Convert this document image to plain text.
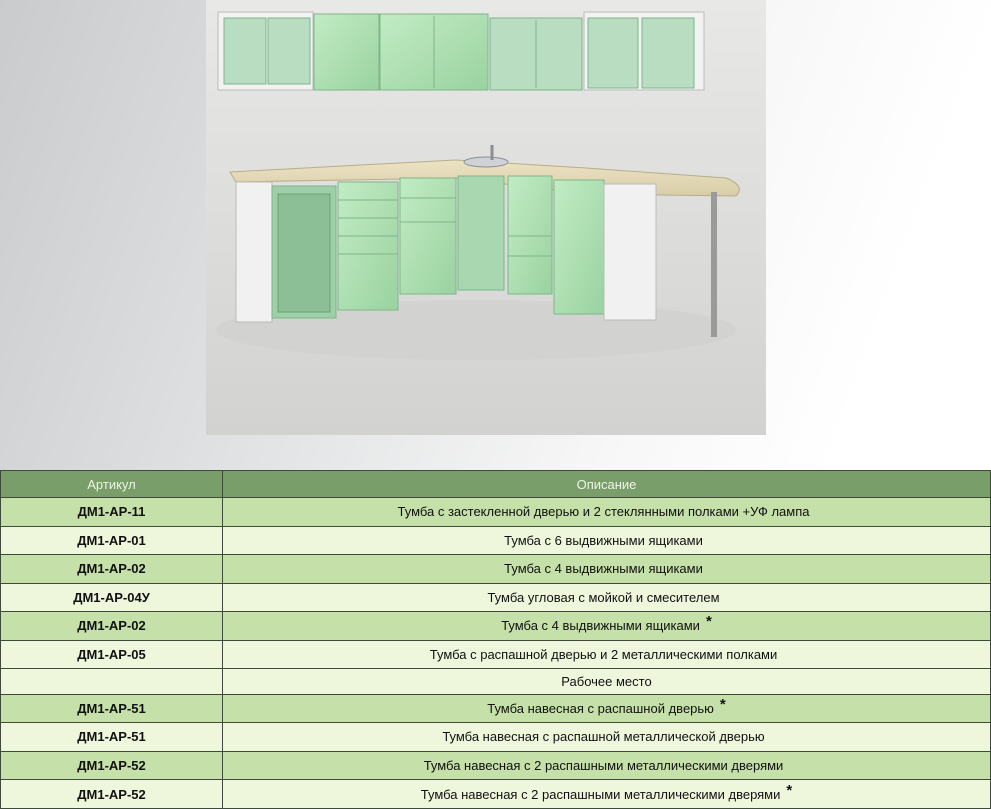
Артикул	Описание
ДМ1-АР-11	Тумба с застекленной дверью и 2 стеклянными полками +УФ лампа
ДМ1-АР-01	Тумба с 6 выдвижными ящиками
ДМ1-АР-02	Тумба с 4 выдвижными ящиками
ДМ1-АР-04У	Тумба угловая с мойкой и смесителем
ДМ1-АР-02	Тумба с 4 выдвижными ящиками *
ДМ1-АР-05	Тумба с распашной дверью и 2 металлическими полками
	Рабочее место
ДМ1-АР-51	Тумба навесная с распашной дверью *
ДМ1-АР-51	Тумба навесная с распашной металлической дверью
ДМ1-АР-52	Тумба навесная с 2 распашными металлическими дверями
ДМ1-АР-52	Тумба навесная с 2 распашными металлическими дверями *
